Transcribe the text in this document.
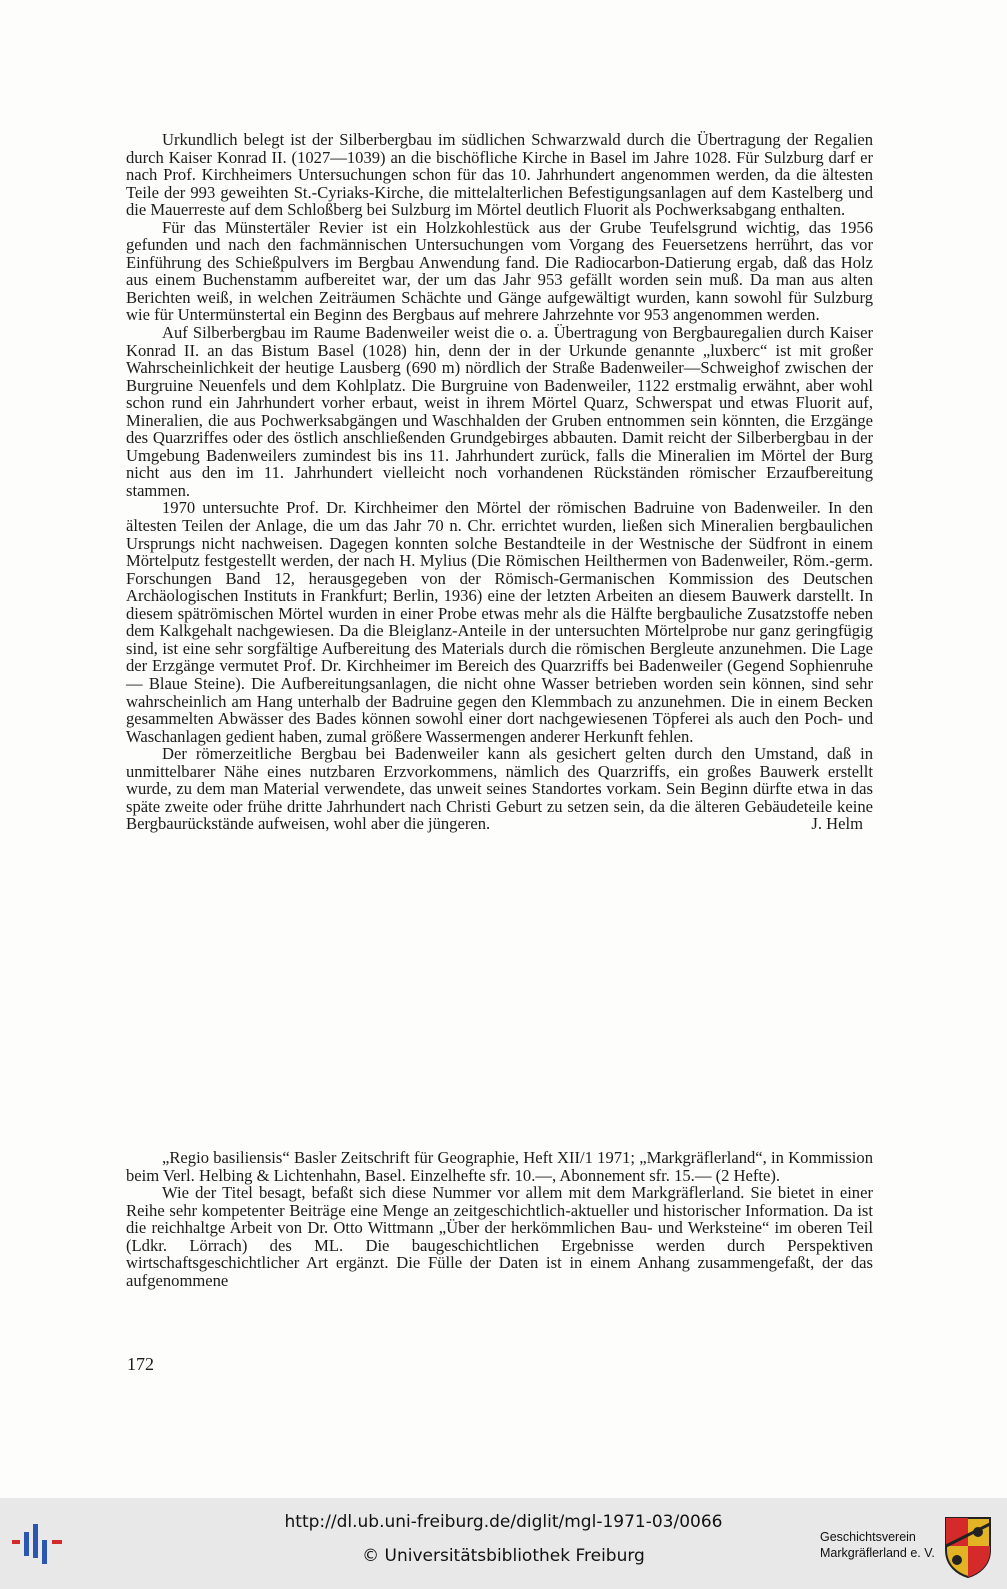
Urkundlich belegt ist der Silberbergbau im südlichen Schwarzwald durch die Übertragung der Regalien durch Kaiser Konrad II. (1027—1039) an die bischöfliche Kirche in Basel im Jahre 1028. Für Sulzburg darf er nach Prof. Kirchheimers Untersuchungen schon für das 10. Jahrhundert angenommen werden, da die ältesten Teile der 993 geweihten St.-Cyriaks-Kirche, die mittelalterlichen Befestigungsanlagen auf dem Kastelberg und die Mauerreste auf dem Schloßberg bei Sulzburg im Mörtel deutlich Fluorit als Pochwerksabgang enthalten.

Für das Münstertäler Revier ist ein Holzkohlestück aus der Grube Teufelsgrund wichtig, das 1956 gefunden und nach den fachmännischen Untersuchungen vom Vorgang des Feuersetzens herrührt, das vor Einführung des Schießpulvers im Bergbau Anwendung fand. Die Radiocarbon-Datierung ergab, daß das Holz aus einem Buchenstamm aufbereitet war, der um das Jahr 953 gefällt worden sein muß. Da man aus alten Berichten weiß, in welchen Zeiträumen Schächte und Gänge aufgewältigt wurden, kann sowohl für Sulzburg wie für Untermünstertal ein Beginn des Bergbaus auf mehrere Jahrzehnte vor 953 angenommen werden.

Auf Silberbergbau im Raume Badenweiler weist die o. a. Übertragung von Bergbauregalien durch Kaiser Konrad II. an das Bistum Basel (1028) hin, denn der in der Urkunde genannte „luxberc“ ist mit großer Wahrscheinlichkeit der heutige Lausberg (690 m) nördlich der Straße Badenweiler—Schweighof zwischen der Burgruine Neuenfels und dem Kohlplatz. Die Burgruine von Badenweiler, 1122 erstmalig erwähnt, aber wohl schon rund ein Jahrhundert vorher erbaut, weist in ihrem Mörtel Quarz, Schwerspat und etwas Fluorit auf, Mineralien, die aus Pochwerksabgängen und Waschhalden der Gruben entnommen sein könnten, die Erzgänge des Quarzriffes oder des östlich anschließenden Grundgebirges abbauten. Damit reicht der Silberbergbau in der Umgebung Badenweilers zumindest bis ins 11. Jahrhundert zurück, falls die Mineralien im Mörtel der Burg nicht aus den im 11. Jahrhundert vielleicht noch vorhandenen Rückständen römischer Erzaufbereitung stammen.

1970 untersuchte Prof. Dr. Kirchheimer den Mörtel der römischen Badruine von Badenweiler. In den ältesten Teilen der Anlage, die um das Jahr 70 n. Chr. errichtet wurden, ließen sich Mineralien bergbaulichen Ursprungs nicht nachweisen. Dagegen konnten solche Bestandteile in der Westnische der Südfront in einem Mörtelputz festgestellt werden, der nach H. Mylius (Die Römischen Heilthermen von Badenweiler, Röm.-germ. Forschungen Band 12, herausgegeben von der Römisch-Germanischen Kommission des Deutschen Archäologischen Instituts in Frankfurt; Berlin, 1936) eine der letzten Arbeiten an diesem Bauwerk darstellt. In diesem spätrömischen Mörtel wurden in einer Probe etwas mehr als die Hälfte bergbauliche Zusatzstoffe neben dem Kalkgehalt nachgewiesen. Da die Bleiglanz-Anteile in der untersuchten Mörtelprobe nur ganz geringfügig sind, ist eine sehr sorgfältige Aufbereitung des Materials durch die römischen Bergleute anzunehmen. Die Lage der Erzgänge vermutet Prof. Dr. Kirchheimer im Bereich des Quarzriffs bei Badenweiler (Gegend Sophienruhe — Blaue Steine). Die Aufbereitungsanlagen, die nicht ohne Wasser betrieben worden sein können, sind sehr wahrscheinlich am Hang unterhalb der Badruine gegen den Klemmbach zu anzunehmen. Die in einem Becken gesammelten Abwässer des Bades können sowohl einer dort nachgewiesenen Töpferei als auch den Poch- und Waschanlagen gedient haben, zumal größere Wassermengen anderer Herkunft fehlen.

Der römerzeitliche Bergbau bei Badenweiler kann als gesichert gelten durch den Umstand, daß in unmittelbarer Nähe eines nutzbaren Erzvorkommens, nämlich des Quarzriffs, ein großes Bauwerk erstellt wurde, zu dem man Material verwendete, das unweit seines Standortes vorkam. Sein Beginn dürfte etwa in das späte zweite oder frühe dritte Jahrhundert nach Christi Geburt zu setzen sein, da die älteren Gebäudeteile keine Bergbaurückstände aufweisen, wohl aber die jüngeren.	J. Helm

„Regio basiliensis“ Basler Zeitschrift für Geographie, Heft XII/1 1971; „Markgräflerland“, in Kommission beim Verl. Helbing & Lichtenhahn, Basel. Einzelhefte sfr. 10.—, Abonnement sfr. 15.— (2 Hefte).

Wie der Titel besagt, befaßt sich diese Nummer vor allem mit dem Markgräflerland. Sie bietet in einer Reihe sehr kompetenter Beiträge eine Menge an zeitgeschichtlich-aktueller und historischer Information. Da ist die reichhaltge Arbeit von Dr. Otto Wittmann „Über der herkömmlichen Bau- und Werksteine“ im oberen Teil (Ldkr. Lörrach) des ML. Die baugeschichtlichen Ergebnisse werden durch Perspektiven wirtschaftsgeschichtlicher Art ergänzt. Die Fülle der Daten ist in einem Anhang zusammengefaßt, der das aufgenommene

172
http://dl.ub.uni-freiburg.de/diglit/mgl-1971-03/0066
© Universitätsbibliothek Freiburg
Geschichtsverein
Markgräflerland e. V.
